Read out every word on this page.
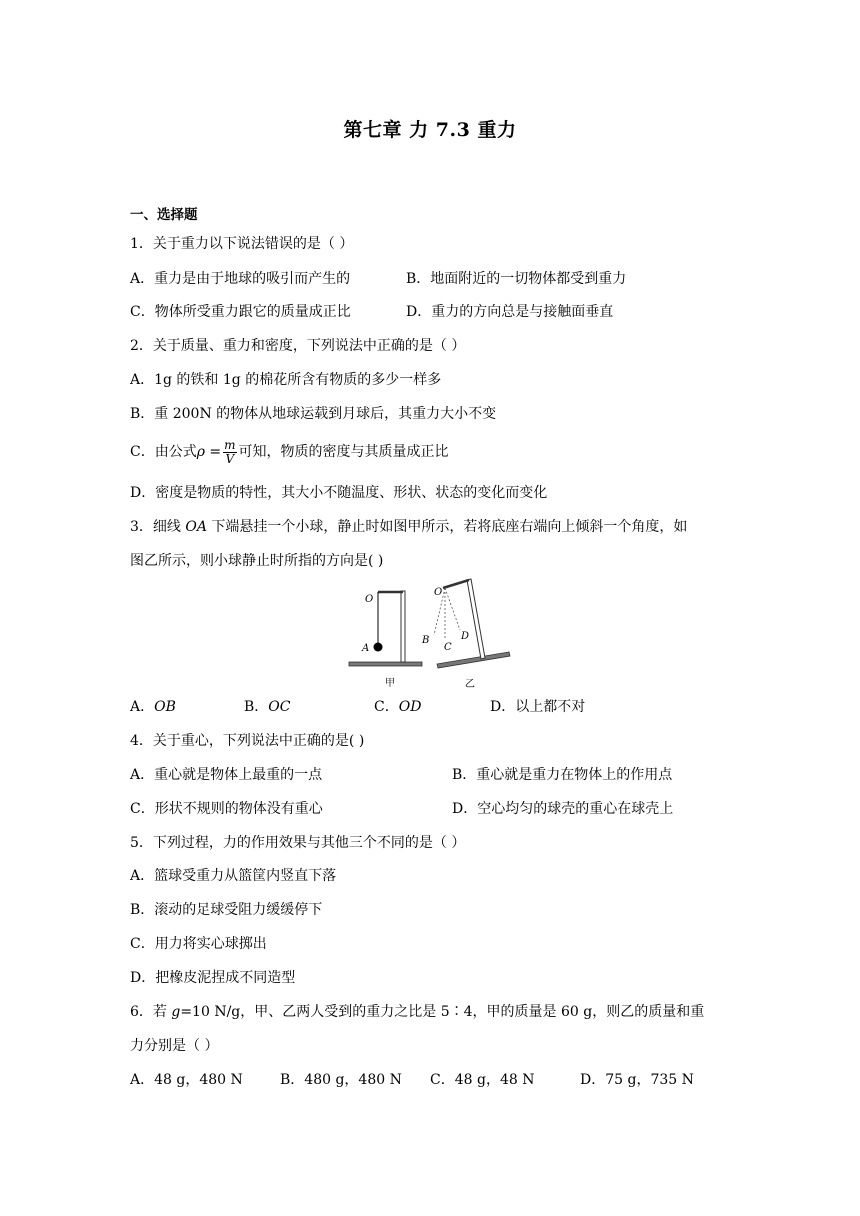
第七章 力 7.3 重力
一、选择题
1．关于重力以下说法错误的是（ ）
A．重力是由于地球的吸引而产生的	B．地面附近的一切物体都受到重力
C．物体所受重力跟它的质量成正比	D．重力的方向总是与接触面垂直
2．关于质量、重力和密度，下列说法中正确的是（ ）
A．1g 的铁和 1g 的棉花所含有物质的多少一样多
B．重 200N 的物体从地球运载到月球后，其重力大小不变
C．由公式$\rho = \frac{m}{V}$ 可知，物质的密度与其质量成正比
D．密度是物质的特性，其大小不随温度、形状、状态的变化而变化
3．细线 OA 下端悬挂一个小球，静止时如图甲所示，若将底座右端向上倾斜一个角度，如
图乙所示，则小球静止时所指的方向是( )
O
A
甲
O
B
C
D
乙
A．OB	B．OC	C．OD	D．以上都不对
4．关于重心，下列说法中正确的是( )
A．重心就是物体上最重的一点	B．重心就是重力在物体上的作用点
C．形状不规则的物体没有重心	D．空心均匀的球壳的重心在球壳上
5．下列过程，力的作用效果与其他三个不同的是（ ）
A．篮球受重力从篮筐内竖直下落
B．滚动的足球受阻力缓缓停下
C．用力将实心球掷出
D．把橡皮泥捏成不同造型
6．若 g=10 N/g，甲、乙两人受到的重力之比是 5∶4，甲的质量是 60 g，则乙的质量和重
力分别是（ ）
A．48 g，480 N	B．480 g，480 N C．48 g，48 N	D．75 g，735 N
